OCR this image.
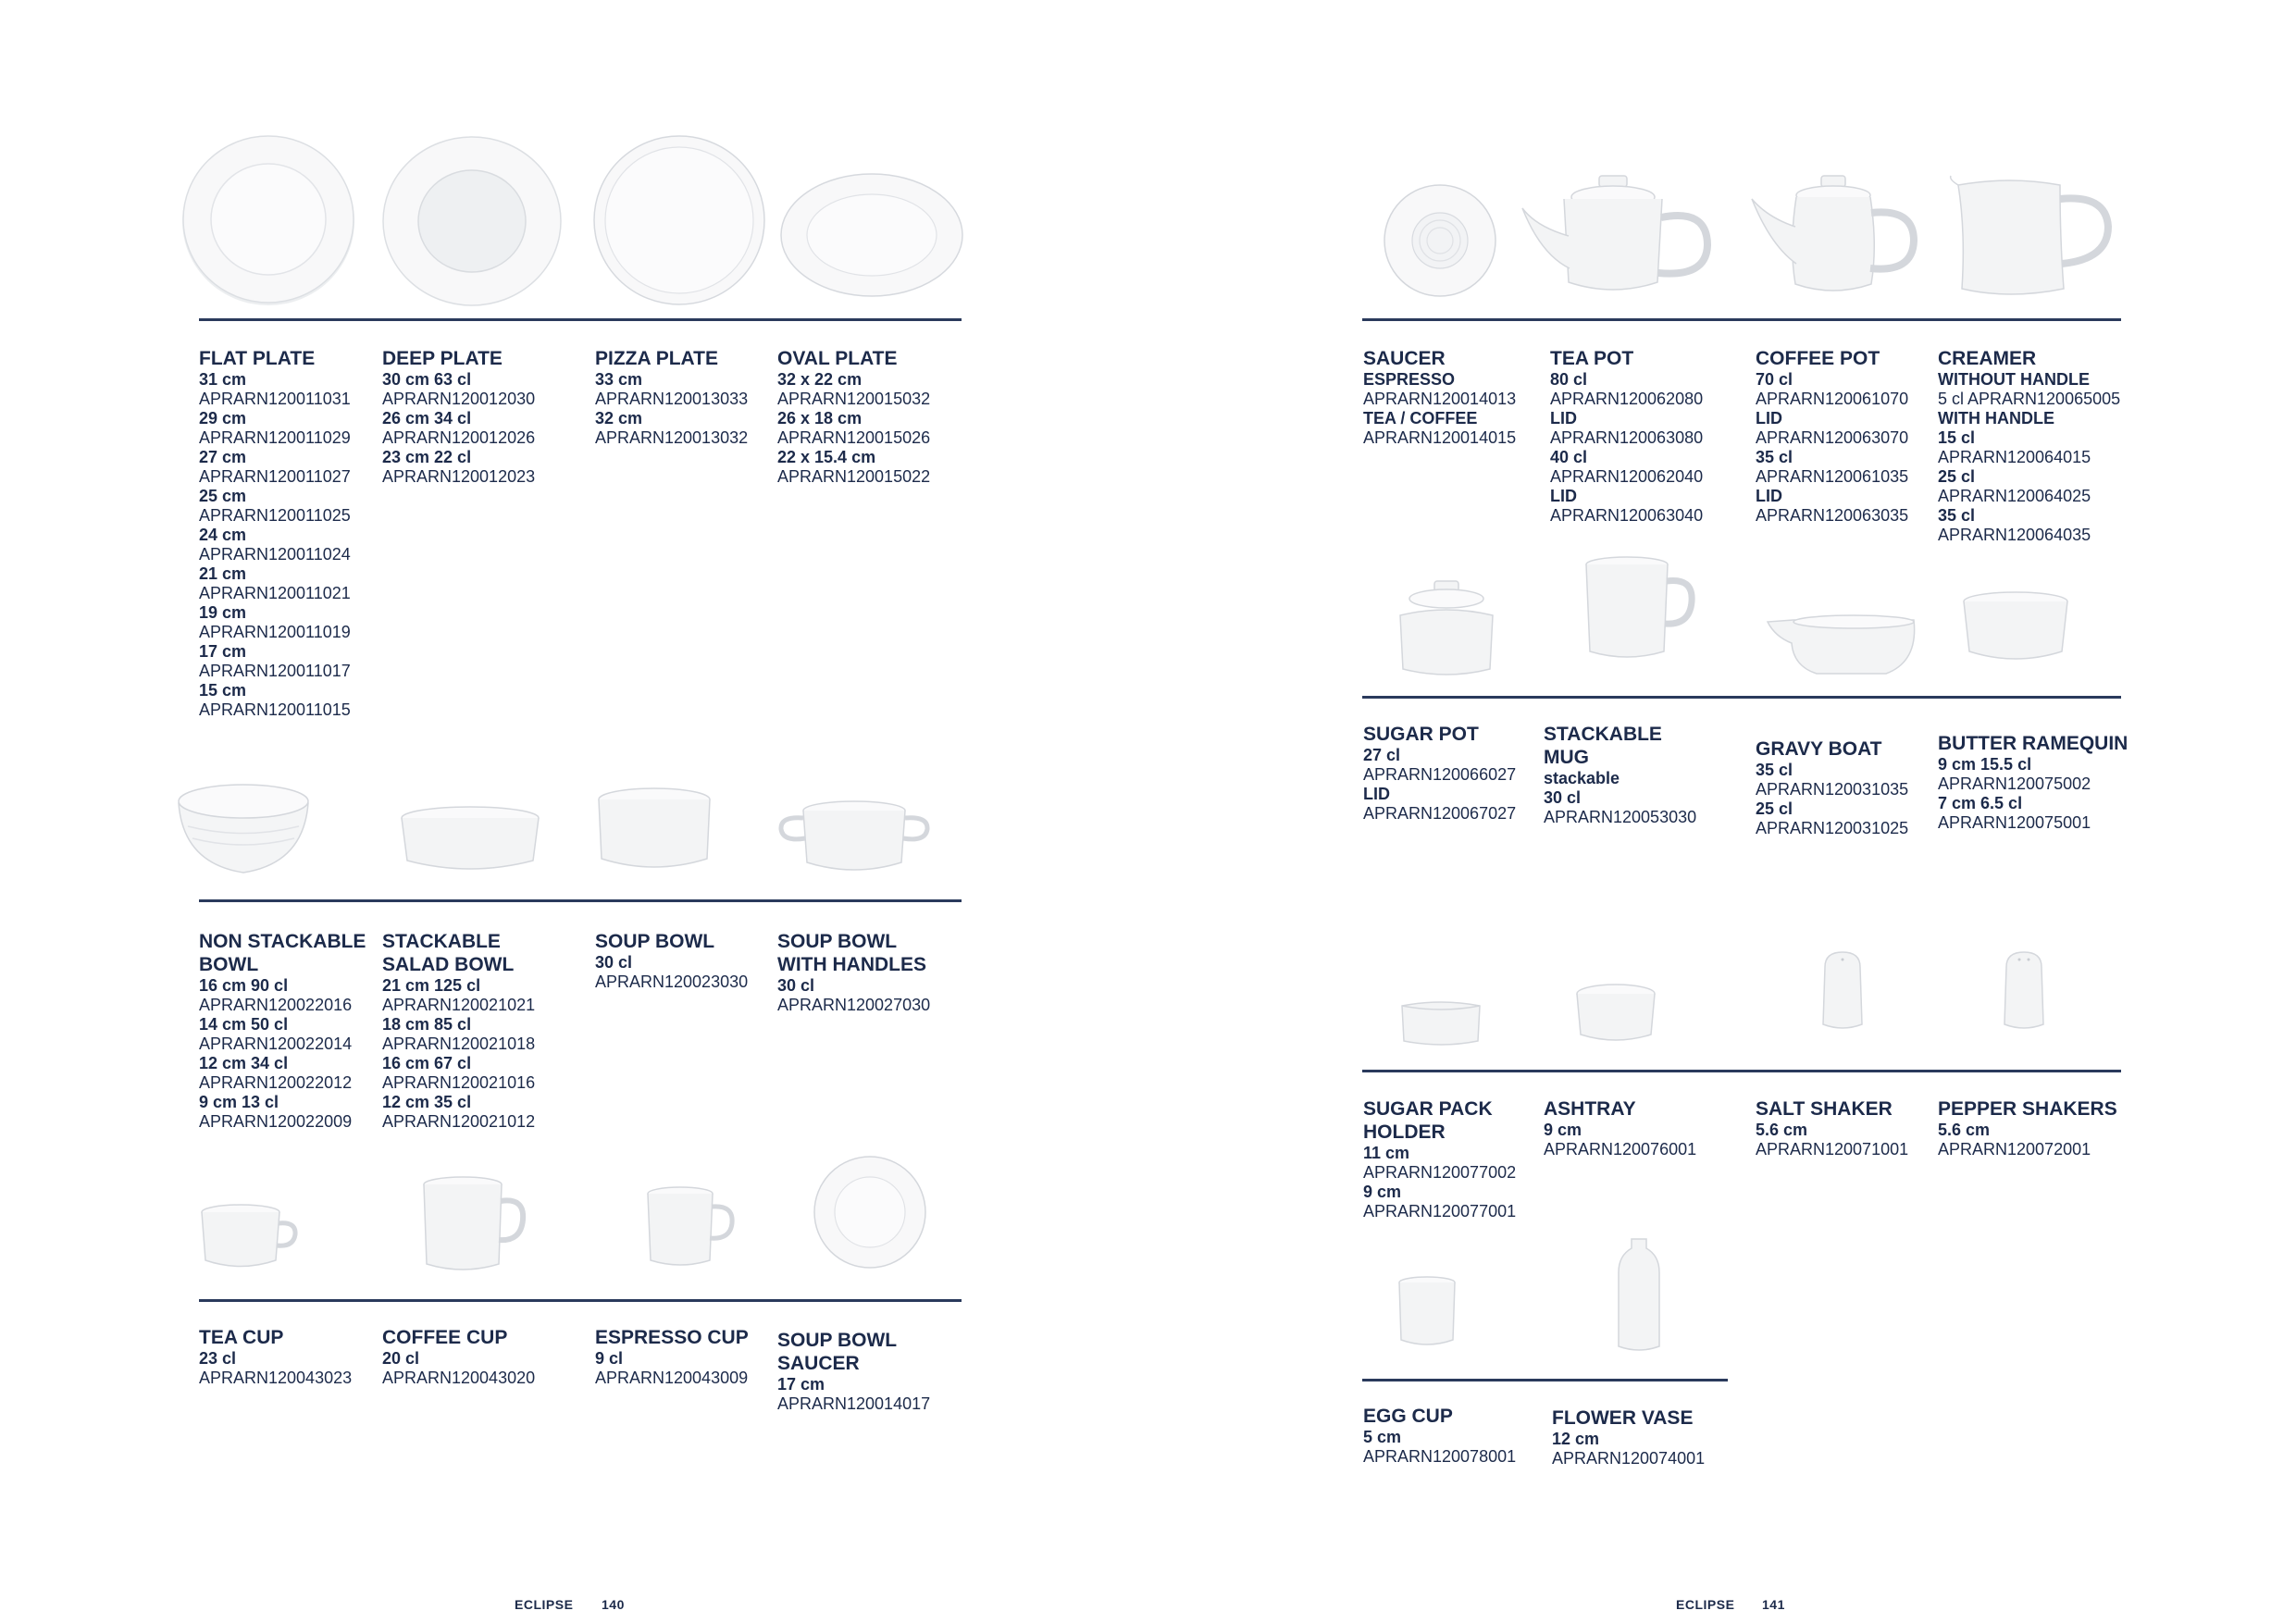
FLAT PLATE
31 cm
APRARN120011031
29 cm
APRARN120011029
27 cm
APRARN120011027
25 cm
APRARN120011025
24 cm
APRARN120011024
21 cm
APRARN120011021
19 cm
APRARN120011019
17 cm
APRARN120011017
15 cm
APRARN120011015
DEEP PLATE
30 cm 63 cl
APRARN120012030
26 cm 34 cl
APRARN120012026
23 cm 22 cl
APRARN120012023
PIZZA PLATE
33 cm
APRARN120013033
32 cm
APRARN120013032
OVAL PLATE
32 x 22 cm
APRARN120015032
26 x 18 cm
APRARN120015026
22 x 15.4 cm
APRARN120015022
NON STACKABLE
BOWL
16 cm 90 cl
APRARN120022016
14 cm 50 cl
APRARN120022014
12 cm 34 cl
APRARN120022012
9 cm 13 cl
APRARN120022009
STACKABLE
SALAD BOWL
21 cm 125 cl
APRARN120021021
18 cm 85 cl
APRARN120021018
16 cm 67 cl
APRARN120021016
12 cm 35 cl
APRARN120021012
SOUP BOWL
30 cl
APRARN120023030
SOUP BOWL
WITH HANDLES
30 cl
APRARN120027030
TEA CUP
23 cl
APRARN120043023
COFFEE CUP
20 cl
APRARN120043020
ESPRESSO CUP
9 cl
APRARN120043009
SOUP BOWL
SAUCER
17 cm
APRARN120014017
ECLIPSE 140
SAUCER
ESPRESSO
APRARN120014013
TEA / COFFEE
APRARN120014015
TEA POT
80 cl
APRARN120062080
LID
APRARN120063080
40 cl
APRARN120062040
LID
APRARN120063040
COFFEE POT
70 cl
APRARN120061070
LID
APRARN120063070
35 cl
APRARN120061035
LID
APRARN120063035
CREAMER
WITHOUT HANDLE
5 cl APRARN120065005
WITH HANDLE
15 cl
APRARN120064015
25 cl
APRARN120064025
35 cl
APRARN120064035
SUGAR POT
27 cl
APRARN120066027
LID
APRARN120067027
STACKABLE
MUG
stackable
30 cl
APRARN120053030
GRAVY BOAT
35 cl
APRARN120031035
25 cl
APRARN120031025
BUTTER RAMEQUIN
9 cm 15.5 cl
APRARN120075002
7 cm 6.5 cl
APRARN120075001
SUGAR PACK
HOLDER
11 cm
APRARN120077002
9 cm
APRARN120077001
ASHTRAY
9 cm
APRARN120076001
SALT SHAKER
5.6 cm
APRARN120071001
PEPPER SHAKERS
5.6 cm
APRARN120072001
EGG CUP
5 cm
APRARN120078001
FLOWER VASE
12 cm
APRARN120074001
ECLIPSE 141
